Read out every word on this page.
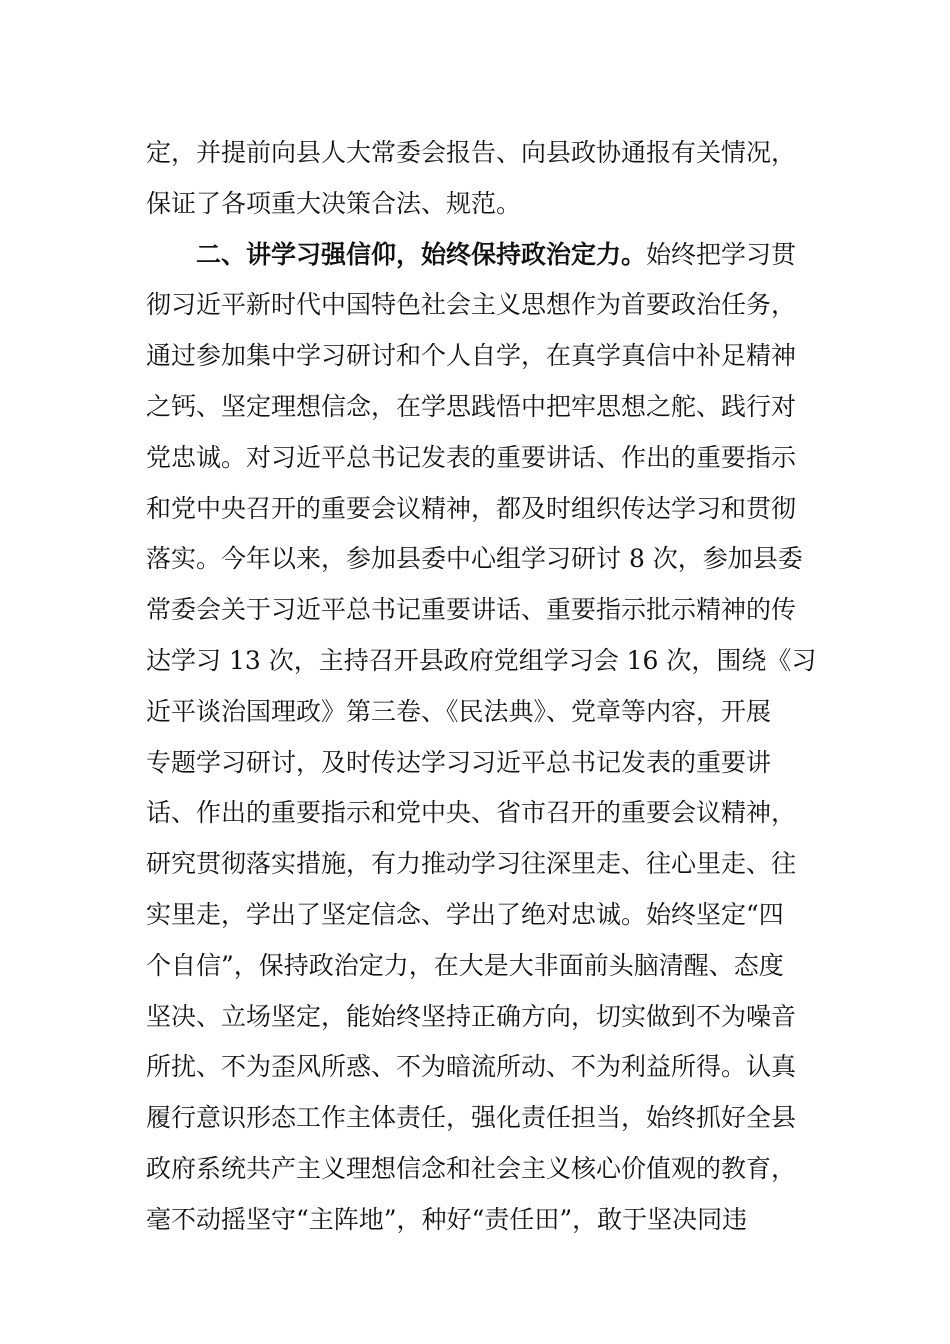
定，并提前向县人大常委会报告、向县政协通报有关情况，
保证了各项重大决策合法、规范。
二、讲学习强信仰，始终保持政治定力。始终把学习贯
彻习近平新时代中国特色社会主义思想作为首要政治任务，
通过参加集中学习研讨和个人自学，在真学真信中补足精神
之钙、坚定理想信念，在学思践悟中把牢思想之舵、践行对
党忠诚。对习近平总书记发表的重要讲话、作出的重要指示
和党中央召开的重要会议精神，都及时组织传达学习和贯彻
落实。今年以来，参加县委中心组学习研讨 8 次，参加县委
常委会关于习近平总书记重要讲话、重要指示批示精神的传
达学习 13 次，主持召开县政府党组学习会 16 次，围绕《习
近平谈治国理政》第三卷、《民法典》、党章等内容，开展
专题学习研讨，及时传达学习习近平总书记发表的重要讲
话、作出的重要指示和党中央、省市召开的重要会议精神，
研究贯彻落实措施，有力推动学习往深里走、往心里走、往
实里走，学出了坚定信念、学出了绝对忠诚。始终坚定“四
个自信”，保持政治定力，在大是大非面前头脑清醒、态度
坚决、立场坚定，能始终坚持正确方向，切实做到不为噪音
所扰、不为歪风所惑、不为暗流所动、不为利益所得。认真
履行意识形态工作主体责任，强化责任担当，始终抓好全县
政府系统共产主义理想信念和社会主义核心价值观的教育，
毫不动摇坚守“主阵地”，种好“责任田”，敢于坚决同违
